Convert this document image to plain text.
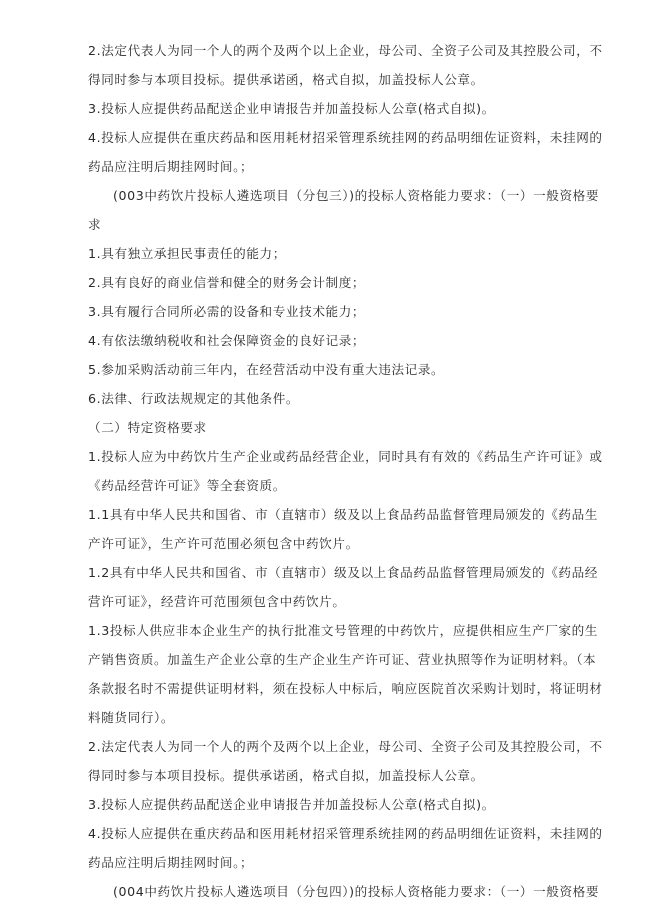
2.法定代表人为同一个人的两个及两个以上企业，母公司、全资子公司及其控股公司，不得同时参与本项目投标。提供承诺函，格式自拟，加盖投标人公章。

3.投标人应提供药品配送企业申请报告并加盖投标人公章(格式自拟)。

4.投标人应提供在重庆药品和医用耗材招采管理系统挂网的药品明细佐证资料，未挂网的药品应注明后期挂网时间。；

(003中药饮片投标人遴选项目（分包三）)的投标人资格能力要求：（一）一般资格要求

1.具有独立承担民事责任的能力；

2.具有良好的商业信誉和健全的财务会计制度；

3.具有履行合同所必需的设备和专业技术能力；

4.有依法缴纳税收和社会保障资金的良好记录；

5.参加采购活动前三年内，在经营活动中没有重大违法记录。

6.法律、行政法规规定的其他条件。

（二）特定资格要求

1.投标人应为中药饮片生产企业或药品经营企业，同时具有有效的《药品生产许可证》或《药品经营许可证》等全套资质。

1.1具有中华人民共和国省、市（直辖市）级及以上食品药品监督管理局颁发的《药品生产许可证》，生产许可范围必须包含中药饮片。

1.2具有中华人民共和国省、市（直辖市）级及以上食品药品监督管理局颁发的《药品经营许可证》，经营许可范围须包含中药饮片。

1.3投标人供应非本企业生产的执行批准文号管理的中药饮片，应提供相应生产厂家的生产销售资质。加盖生产企业公章的生产企业生产许可证、营业执照等作为证明材料。（本条款报名时不需提供证明材料，须在投标人中标后，响应医院首次采购计划时，将证明材料随货同行）。

2.法定代表人为同一个人的两个及两个以上企业，母公司、全资子公司及其控股公司，不得同时参与本项目投标。提供承诺函，格式自拟，加盖投标人公章。

3.投标人应提供药品配送企业申请报告并加盖投标人公章(格式自拟)。

4.投标人应提供在重庆药品和医用耗材招采管理系统挂网的药品明细佐证资料，未挂网的药品应注明后期挂网时间。；

(004中药饮片投标人遴选项目（分包四）)的投标人资格能力要求：（一）一般资格要
